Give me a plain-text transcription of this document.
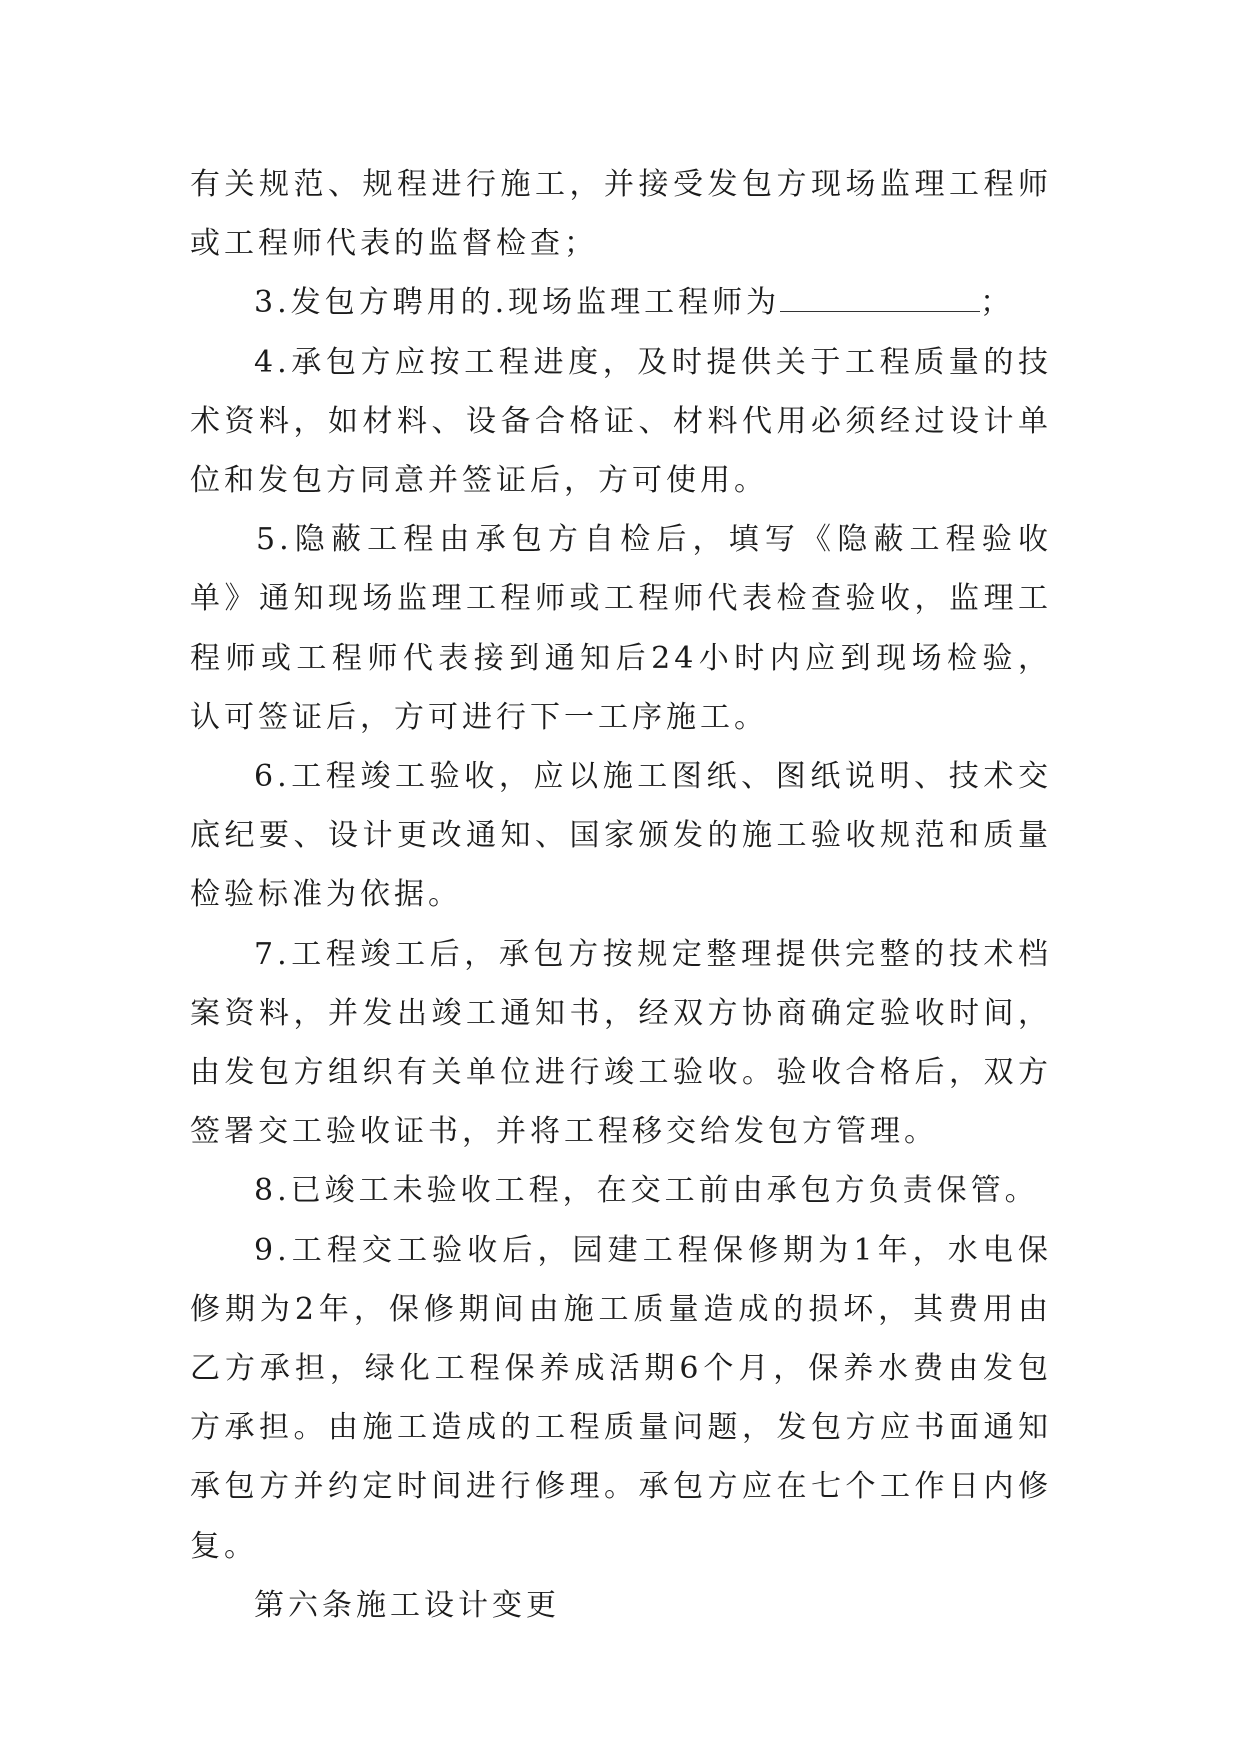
有关规范、规程进行施工，并接受发包方现场监理工程师或工程师代表的监督检查；

3.发包方聘用的.现场监理工程师为	；

4.承包方应按工程进度，及时提供关于工程质量的技术资料，如材料、设备合格证、材料代用必须经过设计单位和发包方同意并签证后，方可使用。

5.隐蔽工程由承包方自检后，填写《隐蔽工程验收单》通知现场监理工程师或工程师代表检查验收，监理工程师或工程师代表接到通知后24小时内应到现场检验，认可签证后，方可进行下一工序施工。

6.工程竣工验收，应以施工图纸、图纸说明、技术交底纪要、设计更改通知、国家颁发的施工验收规范和质量检验标准为依据。

7.工程竣工后，承包方按规定整理提供完整的技术档案资料，并发出竣工通知书，经双方协商确定验收时间，由发包方组织有关单位进行竣工验收。验收合格后，双方签署交工验收证书，并将工程移交给发包方管理。

8.已竣工未验收工程，在交工前由承包方负责保管。

9.工程交工验收后，园建工程保修期为1年，水电保修期为2年，保修期间由施工质量造成的损坏，其费用由乙方承担，绿化工程保养成活期6个月，保养水费由发包方承担。由施工造成的工程质量问题，发包方应书面通知承包方并约定时间进行修理。承包方应在七个工作日内修复。

第六条施工设计变更
